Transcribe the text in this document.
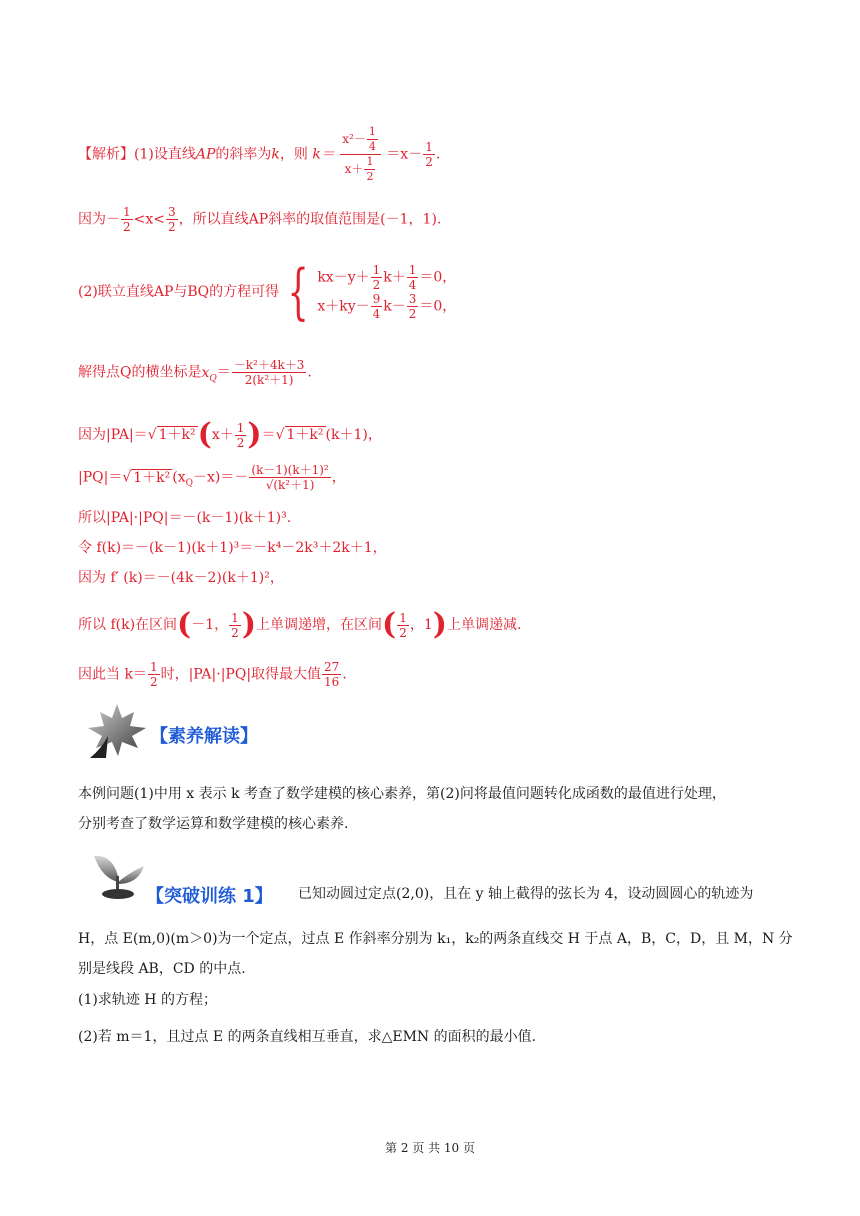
【解析】(1)设直线AP的斜率为k，则 $k= \frac{x^2- \frac{1}{4}}{x+ \frac{1}{2}} =x- \frac{1}{2}$ .
因为－ $\frac{1}{2} <x< \frac{3}{2}$ ，所以直线AP斜率的取值范围是(－1，1).
(2)联立直线AP与BQ的方程可得 { $kx-y+ \frac{1}{2} k+ \frac{1}{4} =0$，
$x+ky- \frac{9}{4} k- \frac{3}{2} =0$，
解得点Q的横坐标是$x_Q= \frac{\text{－k²＋4k＋3}}{\text{2(k²＋1)}}$ .
因为|PA|＝√ $1+k^2(x+ \frac{1}{2}$ )＝√ 1＋k² (k＋1)，
|PQ|＝√ 1＋k² $(x_Q-x)=- \frac{\text{(k－1)(k＋1)²}}{\text{√(k²＋1)}}$ ，
所以|PA|·|PQ|＝－(k－1)(k＋1)³.
令 f(k)＝－(k－1)(k＋1)³＝－k⁴－2k³＋2k＋1，
因为 f′ (k)＝－(4k－2)(k＋1)²，
所以 f(k)在区间(－1， $\frac{1}{2}$ )上单调递增，在区间( $\frac{1}{2}$ ，1)上单调递减.
因此当 $k= \frac{1}{2}$ 时，|PA|·|PQ|取得最大值 $\frac{27}{16}$ .
【素养解读】
本例问题(1)中用 x 表示 k 考查了数学建模的核心素养，第(2)问将最值问题转化成函数的最值进行处理，
分别考查了数学运算和数学建模的核心素养.
【突破训练 1】 已知动圆过定点(2,0)，且在 y 轴上截得的弦长为 4，设动圆圆心的轨迹为
H，点 E(m,0)(m＞0)为一个定点，过点 E 作斜率分别为 k₁，k₂的两条直线交 H 于点 A，B，C，D，且 M，N 分
别是线段 AB，CD 的中点.
(1)求轨迹 H 的方程；
(2)若 m＝1，且过点 E 的两条直线相互垂直，求△EMN 的面积的最小值.
第 2 页 共 10 页
